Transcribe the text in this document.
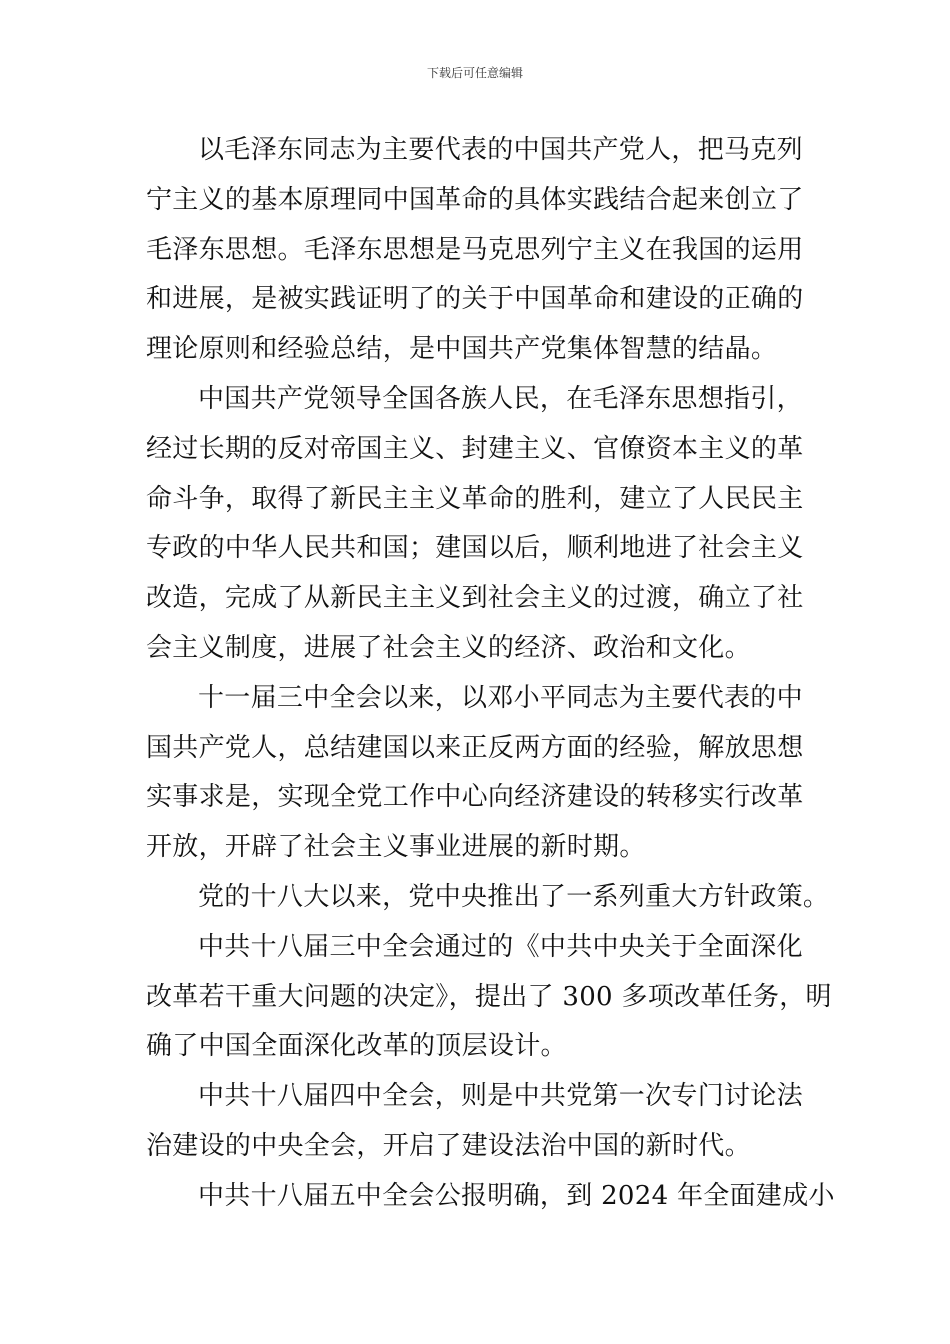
下载后可任意编辑

以毛泽东同志为主要代表的中国共产党人，把马克列
宁主义的基本原理同中国革命的具体实践结合起来创立了
毛泽东思想。毛泽东思想是马克思列宁主义在我国的运用
和进展，是被实践证明了的关于中国革命和建设的正确的
理论原则和经验总结，是中国共产党集体智慧的结晶。

中国共产党领导全国各族人民，在毛泽东思想指引，
经过长期的反对帝国主义、封建主义、官僚资本主义的革
命斗争，取得了新民主主义革命的胜利，建立了人民民主
专政的中华人民共和国；建国以后，顺利地进了社会主义
改造，完成了从新民主主义到社会主义的过渡，确立了社
会主义制度，进展了社会主义的经济、政治和文化。

十一届三中全会以来，以邓小平同志为主要代表的中
国共产党人，总结建国以来正反两方面的经验，解放思想
实事求是，实现全党工作中心向经济建设的转移实行改革
开放，开辟了社会主义事业进展的新时期。

党的十八大以来，党中央推出了一系列重大方针政策。

中共十八届三中全会通过的《中共中央关于全面深化
改革若干重大问题的决定》，提出了 300 多项改革任务，明
确了中国全面深化改革的顶层设计。

中共十八届四中全会，则是中共党第一次专门讨论法
治建设的中央全会，开启了建设法治中国的新时代。

中共十八届五中全会公报明确，到 2024 年全面建成小
